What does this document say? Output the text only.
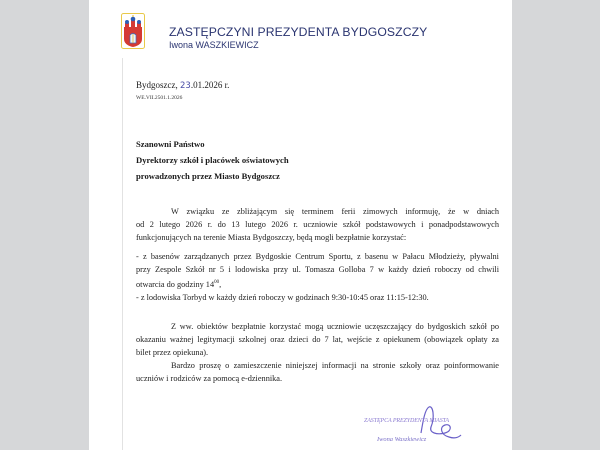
ZASTĘPCZYNI PREZYDENTA BYDGOSZCZY
Iwona WASZKIEWICZ
Bydgoszcz, 23.01.2026 r.
WE.VII.2501.1.2026
Szanowni Państwo
Dyrektorzy szkół i placówek oświatowych
prowadzonych przez Miasto Bydgoszcz
W związku ze zbliżającym się terminem ferii zimowych informuję, że w dniach
od 2 lutego 2026 r. do 13 lutego 2026 r. uczniowie szkół podstawowych i ponadpodstawowych
funkcjonujących na terenie Miasta Bydgoszczy, będą mogli bezpłatnie korzystać:
- z basenów zarządzanych przez Bydgoskie Centrum Sportu, z basenu w Pałacu Młodzieży, pływalni
przy Zespole Szkół nr 5 i lodowiska przy ul. Tomasza Golloba 7 w każdy dzień roboczy od chwili
otwarcia do godziny $14^{00}$,
- z lodowiska Torbyd w każdy dzień roboczy w godzinach 9:30-10:45 oraz 11:15-12:30.
Z ww. obiektów bezpłatnie korzystać mogą uczniowie uczęszczający do bydgoskich szkół po
okazaniu ważnej legitymacji szkolnej oraz dzieci do 7 lat, wejście z opiekunem (obowiązek opłaty za
bilet przez opiekuna).
Bardzo proszę o zamieszczenie niniejszej informacji na stronie szkoły oraz poinformowanie
uczniów i rodziców za pomocą e-dziennika.
ZASTĘPCA PREZYDENTA MIASTA
Iwona Waszkiewicz
